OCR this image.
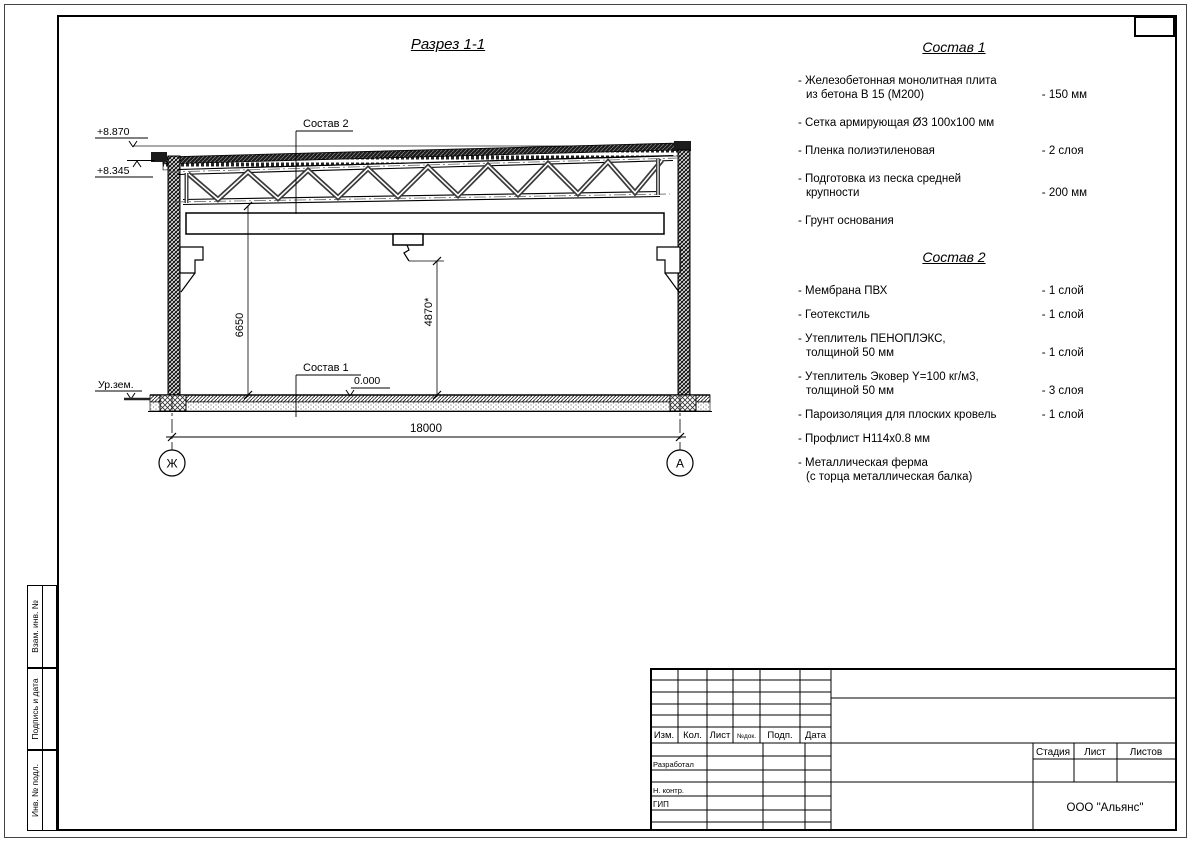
Разрез 1-1
Ур.зем.
+8.870
+8.345
0.000
Состав 2
Состав 1
6650	4870*
18000
Ж	А
Состав 1
- Железобетонная монолитная плита
из бетона В 15 (М200)	- 150 мм
- Сетка армирующая Ø3 100х100 мм
- Пленка полиэтиленовая	- 2 слоя
- Подготовка из песка средней
крупности	- 200 мм
- Грунт основания
Состав 2
- Мембрана ПВХ	- 1 слой
- Геотекстиль	- 1 слой
- Утеплитель ПЕНОПЛЭКС,
толщиной 50 мм	- 1 слой
- Утеплитель Эковер Y=100 кг/м3,
толщиной 50 мм	- 3 слоя
- Пароизоляция для плоских кровель	- 1 слой
- Профлист Н114х0.8 мм
- Металлическая ферма
(с торца металлическая балка)
Взам. инв. №
Подпись и дата
Инв. № подл.
Изм. Кол. Лист №док. Подп. Дата
Разработал
Н. контр.
ГИП
Стадия Лист Листов
ООО "Альянс"
